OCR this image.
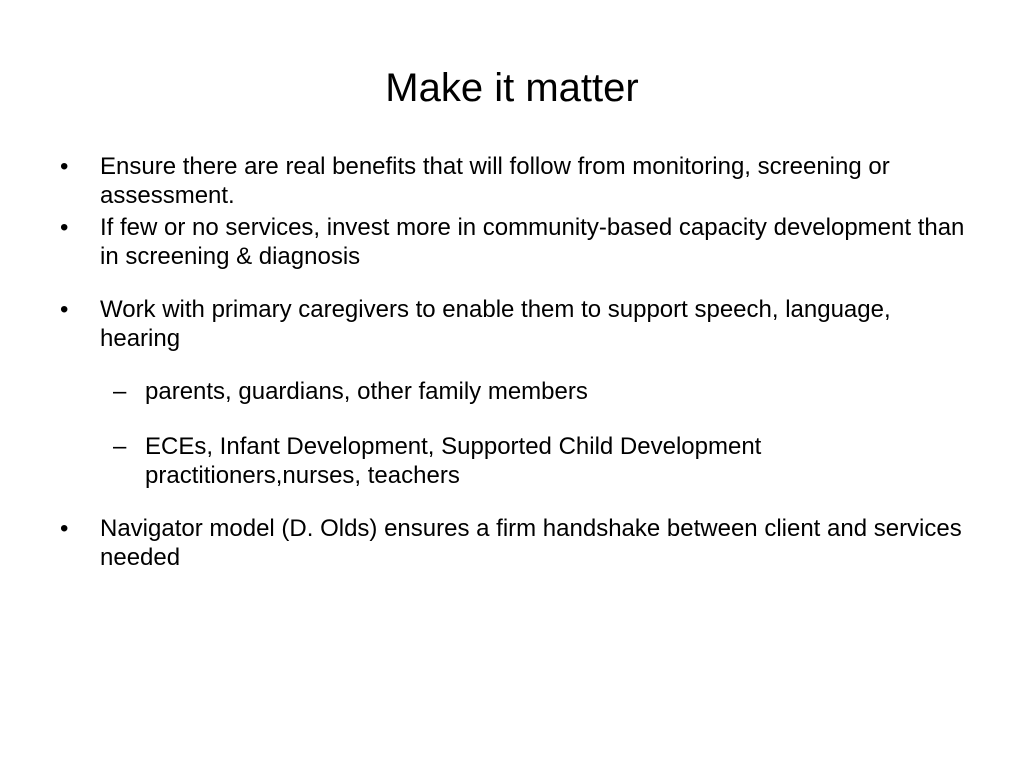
Make it matter
• Ensure there are real benefits that will follow from monitoring, screening or assessment.
• If few or no services, invest more in community-based capacity development than in screening & diagnosis
• Work with primary caregivers to enable them to support speech, language, hearing
– parents, guardians, other family members
– ECEs, Infant Development, Supported Child Development practitioners,nurses, teachers
• Navigator model (D. Olds) ensures a firm handshake between client and services needed
